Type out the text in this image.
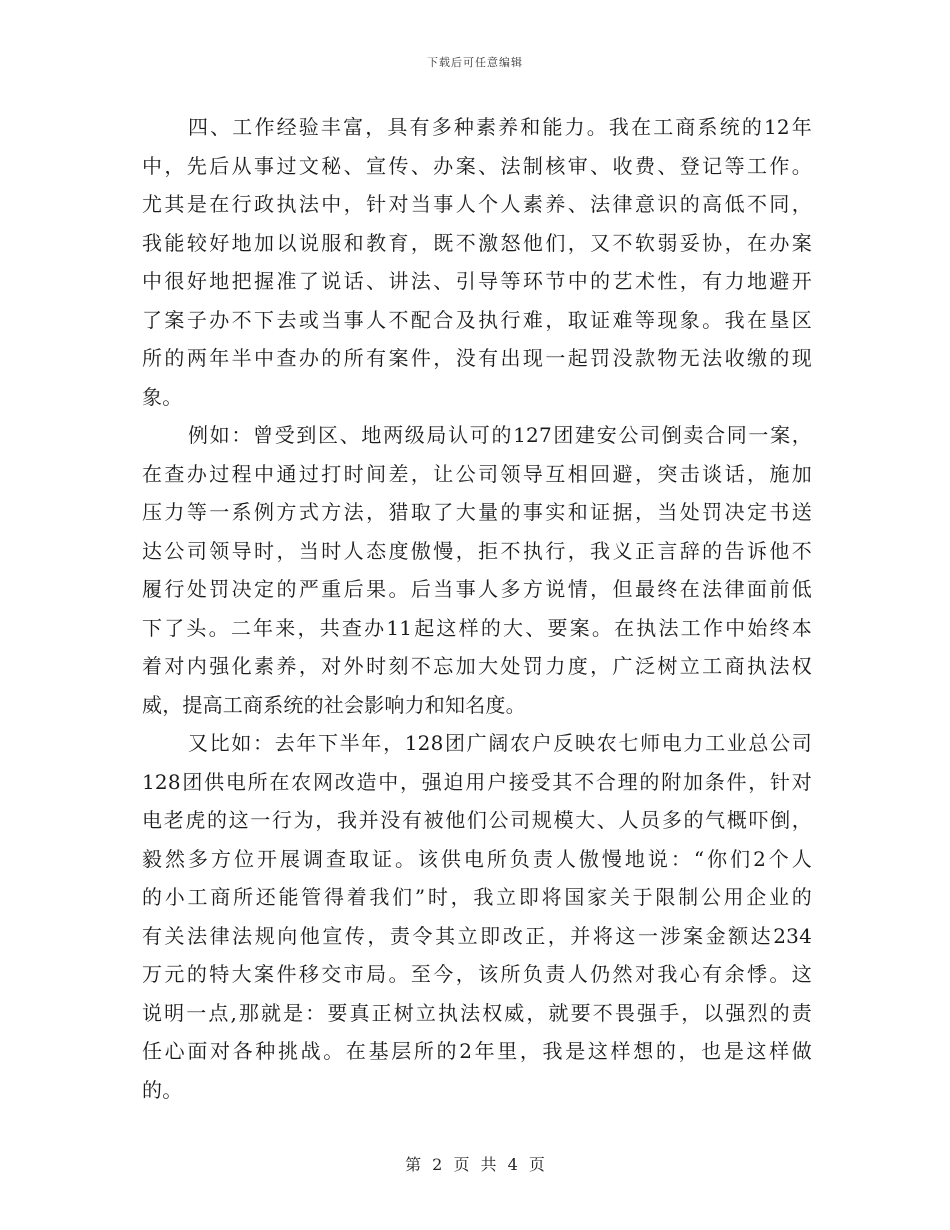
下载后可任意编辑
四、工作经验丰富，具有多种素养和能力。我在工商系统的12年
中，先后从事过文秘、宣传、办案、法制核审、收费、登记等工作。
尤其是在行政执法中，针对当事人个人素养、法律意识的高低不同，
我能较好地加以说服和教育，既不激怒他们，又不软弱妥协，在办案
中很好地把握准了说话、讲法、引导等环节中的艺术性，有力地避开
了案子办不下去或当事人不配合及执行难，取证难等现象。我在垦区
所的两年半中查办的所有案件，没有出现一起罚没款物无法收缴的现
象。
例如：曾受到区、地两级局认可的127团建安公司倒卖合同一案，
在查办过程中通过打时间差，让公司领导互相回避，突击谈话，施加
压力等一系例方式方法，猎取了大量的事实和证据，当处罚决定书送
达公司领导时，当时人态度傲慢，拒不执行，我义正言辞的告诉他不
履行处罚决定的严重后果。后当事人多方说情，但最终在法律面前低
下了头。二年来，共查办11起这样的大、要案。在执法工作中始终本
着对内强化素养，对外时刻不忘加大处罚力度，广泛树立工商执法权
威，提高工商系统的社会影响力和知名度。
又比如：去年下半年，128团广阔农户反映农七师电力工业总公司
128团供电所在农网改造中，强迫用户接受其不合理的附加条件，针对
电老虎的这一行为，我并没有被他们公司规模大、人员多的气概吓倒，
毅然多方位开展调查取证。该供电所负责人傲慢地说：“你们2个人
的小工商所还能管得着我们”时，我立即将国家关于限制公用企业的
有关法律法规向他宣传，责令其立即改正，并将这一涉案金额达234
万元的特大案件移交市局。至今，该所负责人仍然对我心有余悸。这
说明一点,那就是：要真正树立执法权威，就要不畏强手，以强烈的责
任心面对各种挑战。在基层所的2年里，我是这样想的，也是这样做
的。
第 2 页 共 4 页
